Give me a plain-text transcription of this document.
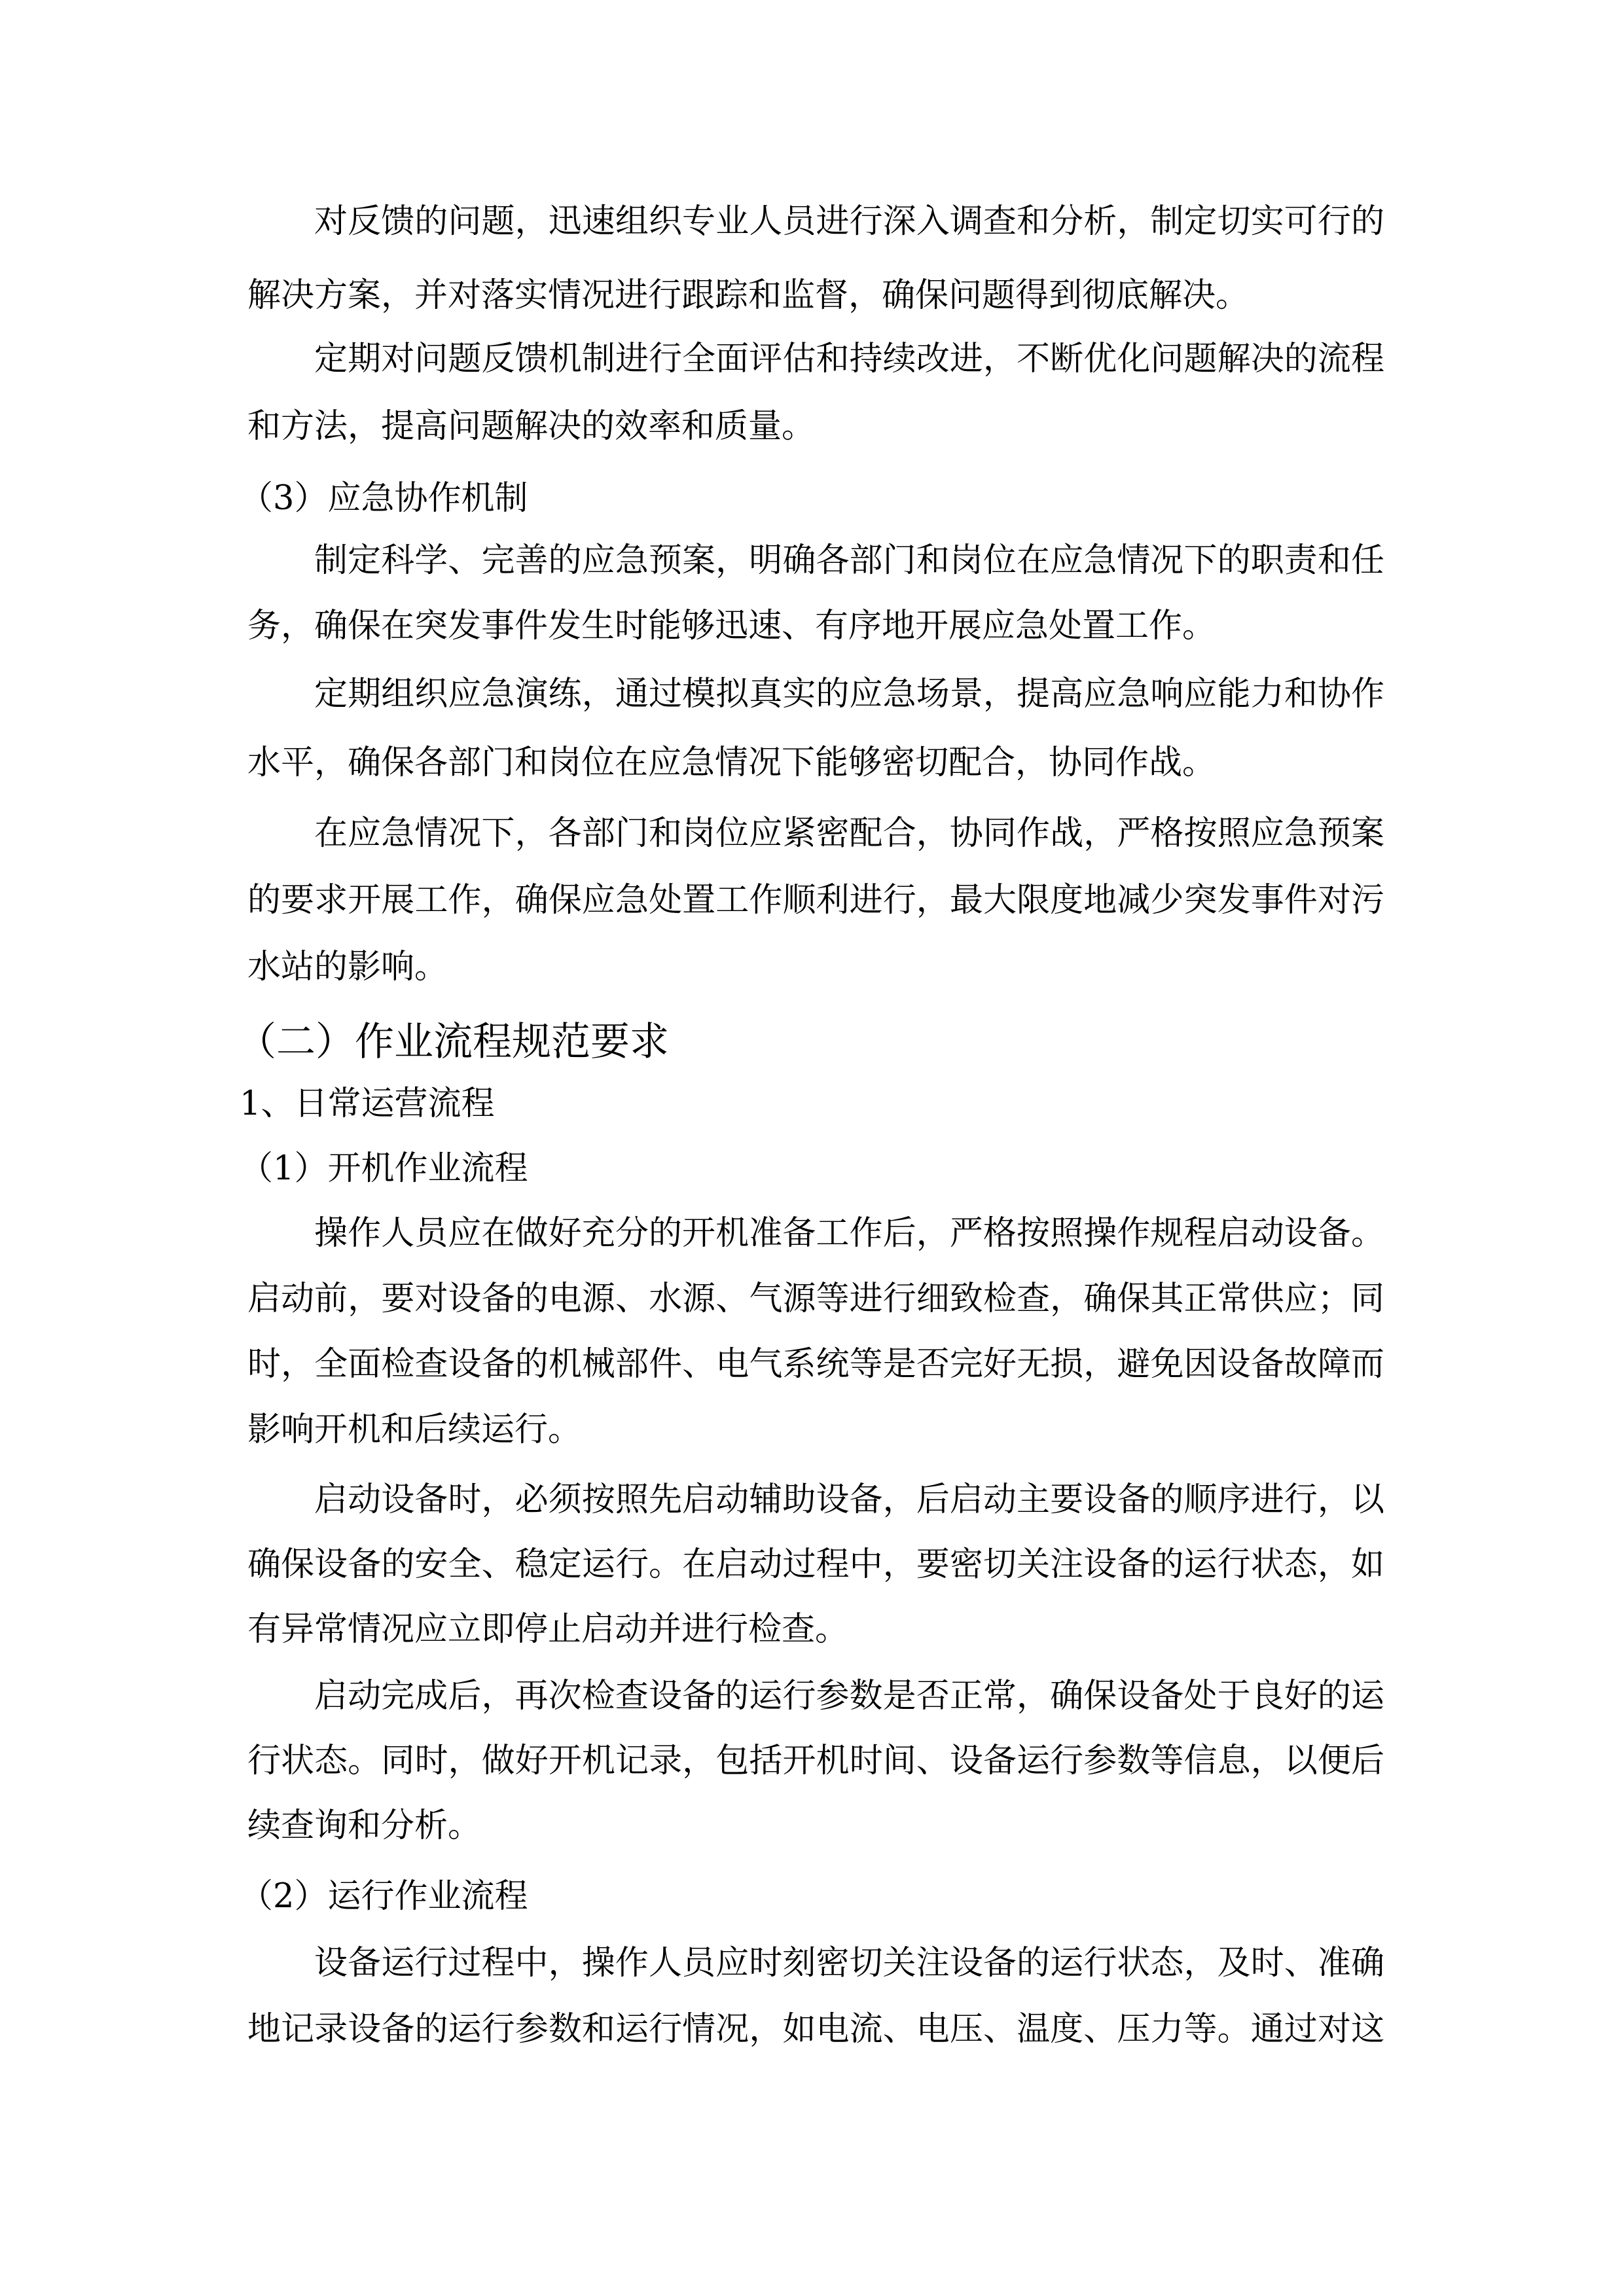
对反馈的问题，迅速组织专业人员进行深入调查和分析，制定切实可行的
解决方案，并对落实情况进行跟踪和监督，确保问题得到彻底解决。
定期对问题反馈机制进行全面评估和持续改进，不断优化问题解决的流程
和方法，提高问题解决的效率和质量。
（3）应急协作机制
制定科学、完善的应急预案，明确各部门和岗位在应急情况下的职责和任
务，确保在突发事件发生时能够迅速、有序地开展应急处置工作。
定期组织应急演练，通过模拟真实的应急场景，提高应急响应能力和协作
水平，确保各部门和岗位在应急情况下能够密切配合，协同作战。
在应急情况下，各部门和岗位应紧密配合，协同作战，严格按照应急预案
的要求开展工作，确保应急处置工作顺利进行，最大限度地减少突发事件对污
水站的影响。
（二）作业流程规范要求
1、日常运营流程
（1）开机作业流程
操作人员应在做好充分的开机准备工作后，严格按照操作规程启动设备。
启动前，要对设备的电源、水源、气源等进行细致检查，确保其正常供应；同
时，全面检查设备的机械部件、电气系统等是否完好无损，避免因设备故障而
影响开机和后续运行。
启动设备时，必须按照先启动辅助设备，后启动主要设备的顺序进行，以
确保设备的安全、稳定运行。在启动过程中，要密切关注设备的运行状态，如
有异常情况应立即停止启动并进行检查。
启动完成后，再次检查设备的运行参数是否正常，确保设备处于良好的运
行状态。同时，做好开机记录，包括开机时间、设备运行参数等信息，以便后
续查询和分析。
（2）运行作业流程
设备运行过程中，操作人员应时刻密切关注设备的运行状态，及时、准确
地记录设备的运行参数和运行情况，如电流、电压、温度、压力等。通过对这
